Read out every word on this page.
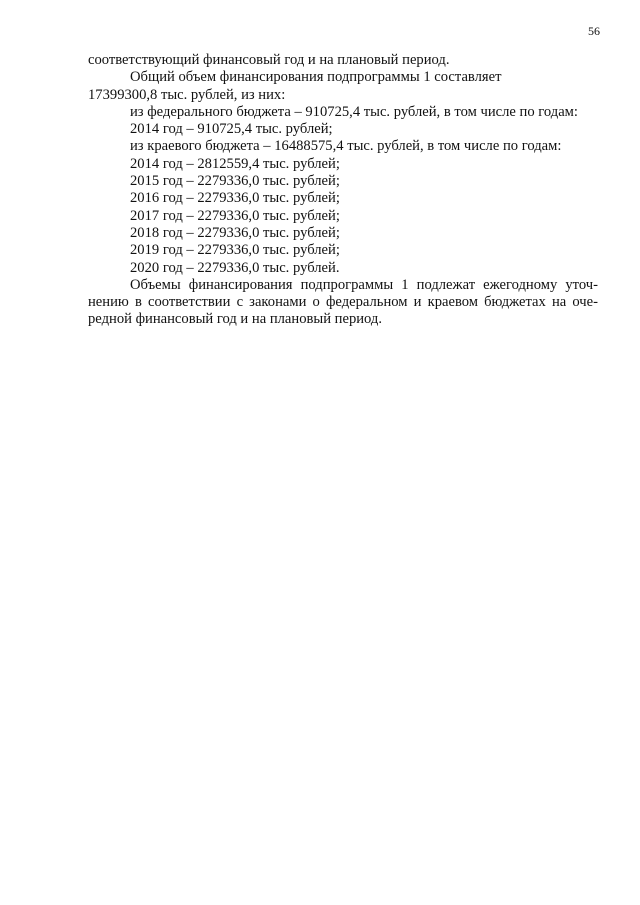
56
соответствующий финансовый год и на плановый период.
Общий объем финансирования подпрограммы 1 составляет
17399300,8 тыс. рублей, из них:
из федерального бюджета – 910725,4 тыс. рублей, в том числе по годам:
2014 год – 910725,4 тыс. рублей;
из краевого бюджета – 16488575,4 тыс. рублей, в том числе по годам:
2014 год – 2812559,4 тыс. рублей;
2015 год – 2279336,0 тыс. рублей;
2016 год – 2279336,0 тыс. рублей;
2017 год – 2279336,0 тыс. рублей;
2018 год – 2279336,0 тыс. рублей;
2019 год – 2279336,0 тыс. рублей;
2020 год – 2279336,0 тыс. рублей.
Объемы финансирования подпрограммы 1 подлежат ежегодному уточ-
нению в соответствии с законами о федеральном и краевом бюджетах на оче-
редной финансовый год и на плановый период.
